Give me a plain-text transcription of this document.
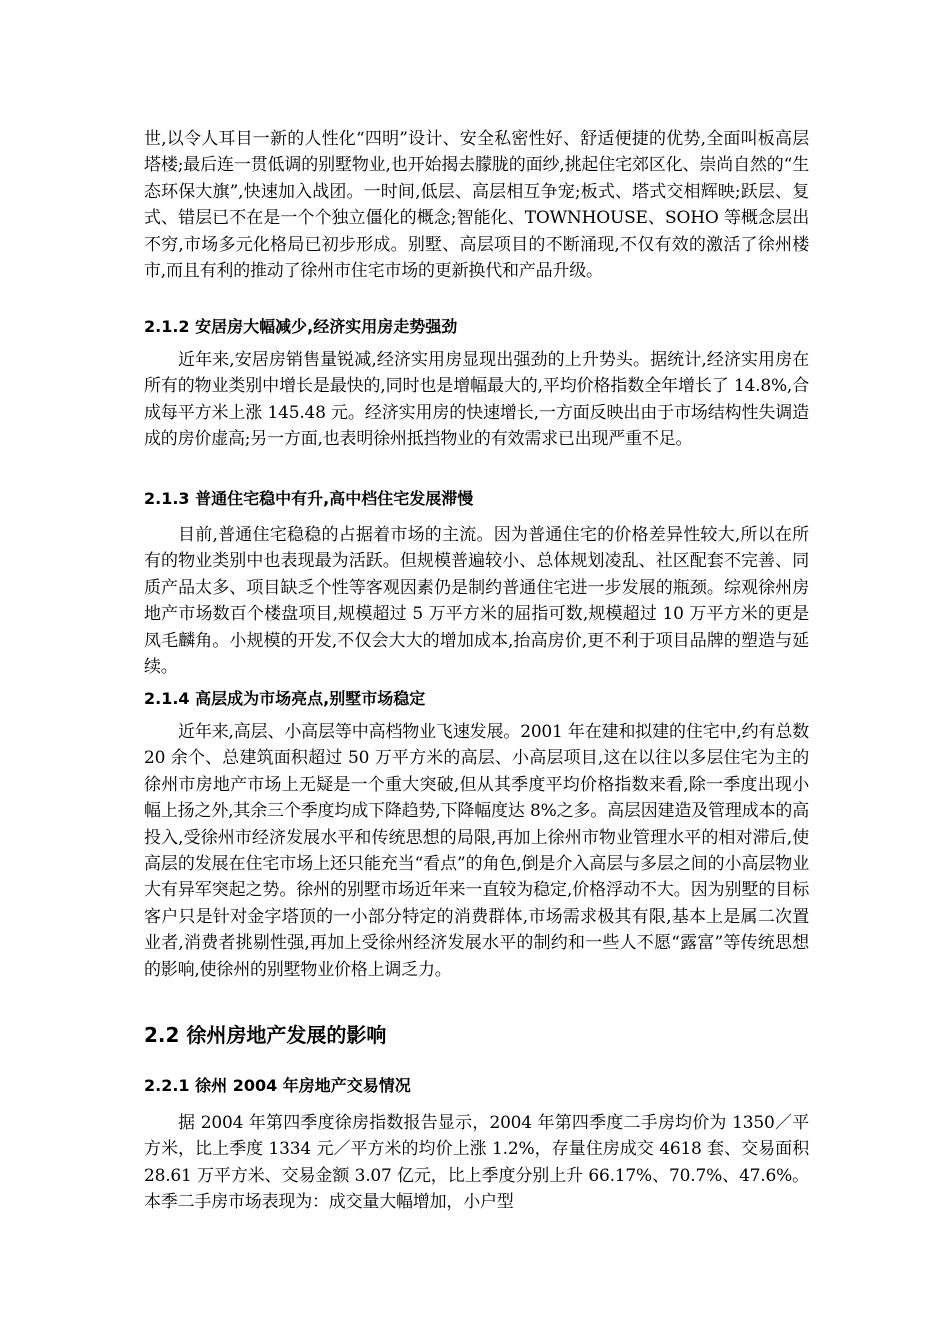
世,以令人耳目一新的人性化“四明”设计、安全私密性好、舒适便捷的优势,全面叫板高层塔楼;最后连一贯低调的别墅物业,也开始揭去朦胧的面纱,挑起住宅郊区化、崇尚自然的“生态环保大旗”,快速加入战团。一时间,低层、高层相互争宠;板式、塔式交相辉映;跃层、复式、错层已不在是一个个独立僵化的概念;智能化、TOWNHOUSE、SOHO 等概念层出不穷,市场多元化格局已初步形成。别墅、高层项目的不断涌现,不仅有效的激活了徐州楼市,而且有利的推动了徐州市住宅市场的更新换代和产品升级。

2.1.2 安居房大幅减少,经济实用房走势强劲

近年来,安居房销售量锐减,经济实用房显现出强劲的上升势头。据统计,经济实用房在所有的物业类别中增长是最快的,同时也是增幅最大的,平均价格指数全年增长了 14.8%,合成每平方米上涨 145.48 元。经济实用房的快速增长,一方面反映出由于市场结构性失调造成的房价虚高;另一方面,也表明徐州抵挡物业的有效需求已出现严重不足。

2.1.3 普通住宅稳中有升,高中档住宅发展滞慢

目前,普通住宅稳稳的占据着市场的主流。因为普通住宅的价格差异性较大,所以在所有的物业类别中也表现最为活跃。但规模普遍较小、总体规划凌乱、社区配套不完善、同质产品太多、项目缺乏个性等客观因素仍是制约普通住宅进一步发展的瓶颈。综观徐州房地产市场数百个楼盘项目,规模超过 5 万平方米的屈指可数,规模超过 10 万平方米的更是凤毛麟角。小规模的开发,不仅会大大的增加成本,抬高房价,更不利于项目品牌的塑造与延续。

2.1.4 高层成为市场亮点,别墅市场稳定

近年来,高层、小高层等中高档物业飞速发展。2001 年在建和拟建的住宅中,约有总数 20 余个、总建筑面积超过 50 万平方米的高层、小高层项目,这在以往以多层住宅为主的徐州市房地产市场上无疑是一个重大突破,但从其季度平均价格指数来看,除一季度出现小幅上扬之外,其余三个季度均成下降趋势,下降幅度达 8%之多。高层因建造及管理成本的高投入,受徐州市经济发展水平和传统思想的局限,再加上徐州市物业管理水平的相对滞后,使高层的发展在住宅市场上还只能充当“看点”的角色,倒是介入高层与多层之间的小高层物业大有异军突起之势。徐州的别墅市场近年来一直较为稳定,价格浮动不大。因为别墅的目标客户只是针对金字塔顶的一小部分特定的消费群体,市场需求极其有限,基本上是属二次置业者,消费者挑剔性强,再加上受徐州经济发展水平的制约和一些人不愿“露富”等传统思想的影响,使徐州的别墅物业价格上调乏力。

2.2 徐州房地产发展的影响
2.2.1 徐州 2004 年房地产交易情况

据 2004 年第四季度徐房指数报告显示，2004 年第四季度二手房均价为 1350／平方米，比上季度 1334 元／平方米的均价上涨 1.2%，存量住房成交 4618 套、交易面积 28.61 万平方米、交易金额 3.07 亿元，比上季度分别上升 66.17%、70.7%、47.6%。本季二手房市场表现为：成交量大幅增加，小户型
